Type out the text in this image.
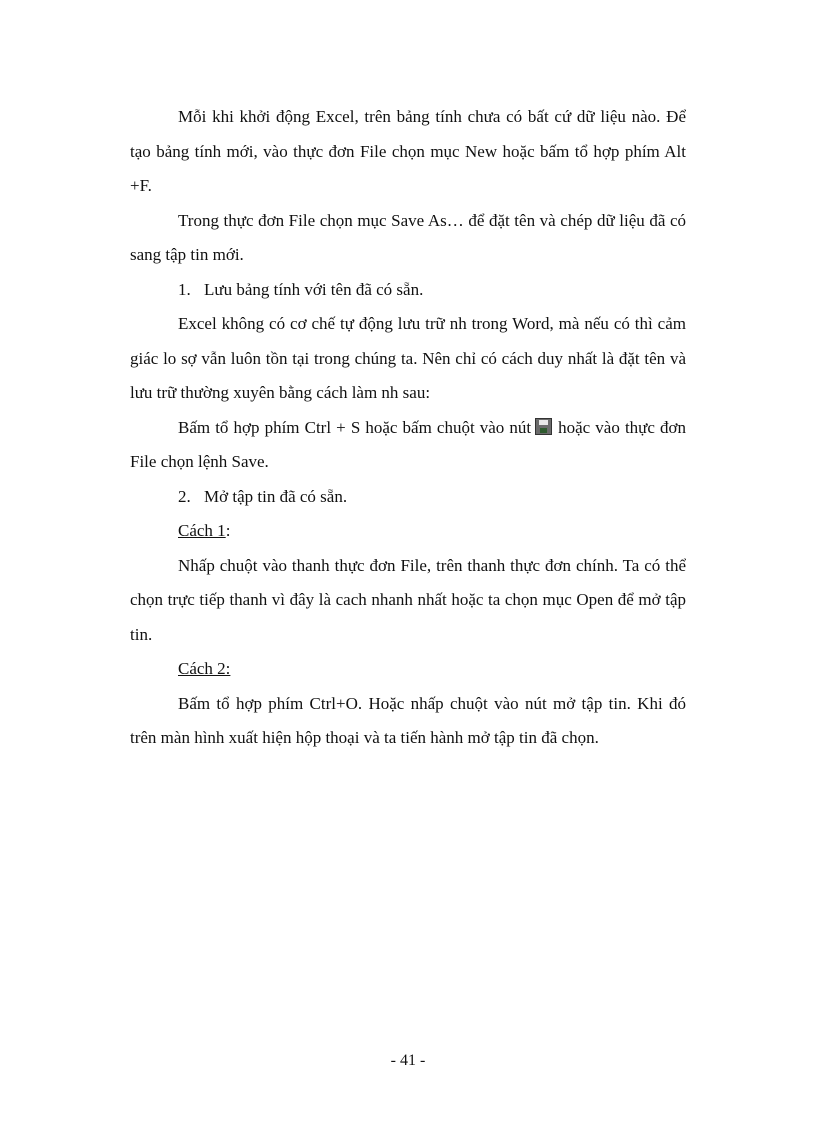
Mỗi khi khởi động Excel, trên bảng tính chưa có bất cứ dữ liệu nào. Để tạo bảng tính mới, vào thực đơn File chọn mục New hoặc bấm tổ hợp phím Alt +F.

Trong thực đơn File chọn mục Save As… để đặt tên và chép dữ liệu đã có sang tập tin mới.

1. Lưu bảng tính với tên đã có sẵn.

Excel không có cơ chế tự động lưu trữ nh trong Word, mà nếu có thì cảm giác lo sợ vẫn luôn tồn tại trong chúng ta. Nên chỉ có cách duy nhất là đặt tên và lưu trữ thường xuyên bằng cách làm nh sau:

Bấm tổ hợp phím Ctrl + S hoặc bấm chuột vào nút hoặc vào thực đơn File chọn lệnh Save.

2. Mở tập tin đã có sẵn.

Cách 1:

Nhấp chuột vào thanh thực đơn File, trên thanh thực đơn chính. Ta có thể chọn trực tiếp thanh vì đây là cach nhanh nhất hoặc ta chọn mục Open để mở tập tin.

Cách 2:

Bấm tổ hợp phím Ctrl+O. Hoặc nhấp chuột vào nút mở tập tin. Khi đó trên màn hình xuất hiện hộp thoại và ta tiến hành mở tập tin đã chọn.

- 41 -
